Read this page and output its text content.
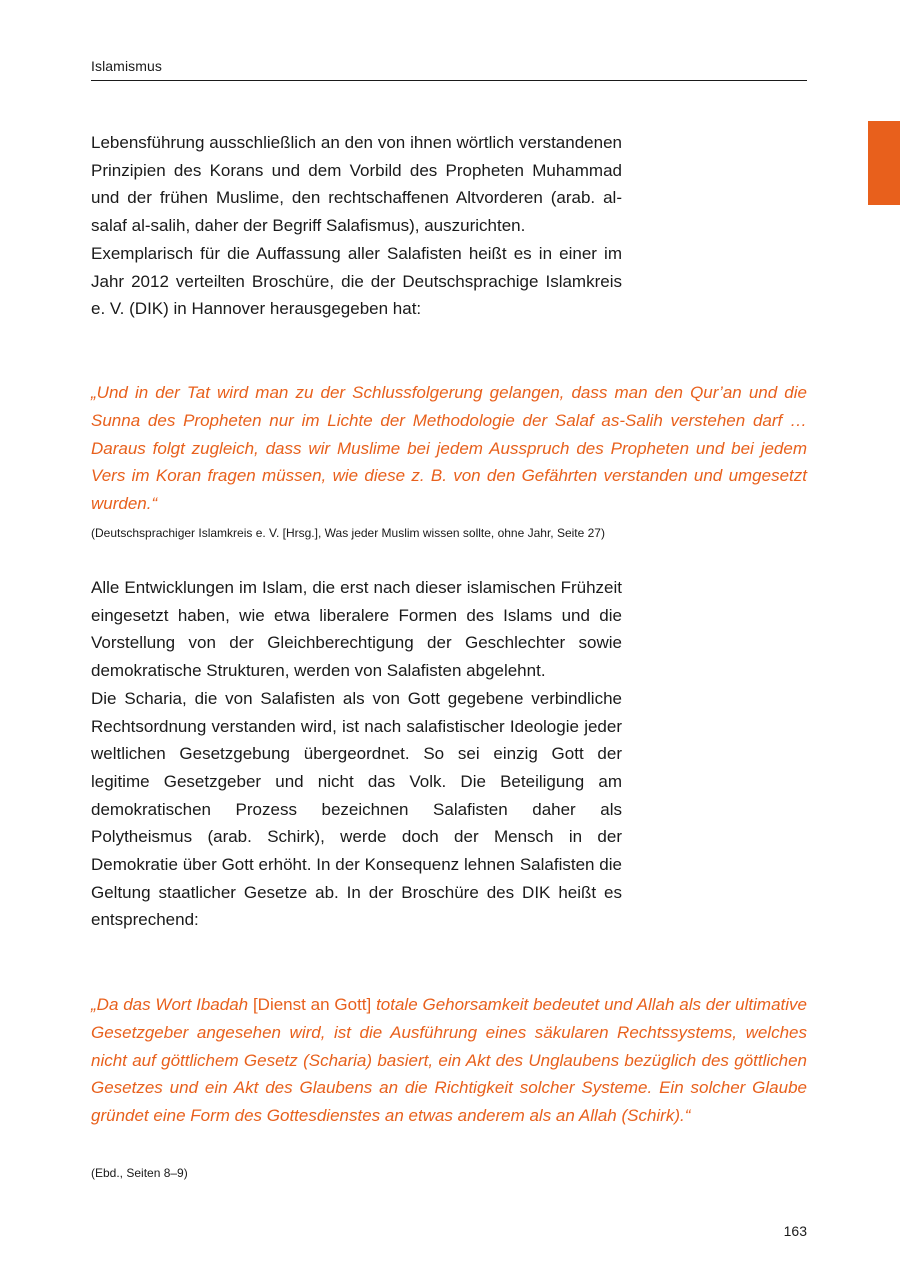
Islamismus

Lebensführung ausschließlich an den von ihnen wörtlich verstandenen Prinzipien des Korans und dem Vorbild des Propheten Muhammad und der frühen Muslime, den rechtschaffenen Altvorderen (arab. al-salaf al-salih, daher der Begriff Salafismus), auszurichten.

Exemplarisch für die Auffassung aller Salafisten heißt es in einer im Jahr 2012 verteilten Broschüre, die der Deutschsprachige Islamkreis e. V. (DIK) in Hannover herausgegeben hat:

„Und in der Tat wird man zu der Schlussfolgerung gelangen, dass man den Qur’an und die Sunna des Propheten nur im Lichte der Methodologie der Salaf as-Salih verstehen darf … Daraus folgt zugleich, dass wir Muslime bei jedem Ausspruch des Propheten und bei jedem Vers im Koran fragen müssen, wie diese z. B. von den Gefährten verstanden und umgesetzt wurden.“

(Deutschsprachiger Islamkreis e. V. [Hrsg.], Was jeder Muslim wissen sollte, ohne Jahr, Seite 27)

Alle Entwicklungen im Islam, die erst nach dieser islamischen Frühzeit eingesetzt haben, wie etwa liberalere Formen des Islams und die Vorstellung von der Gleichberechtigung der Geschlechter sowie demokratische Strukturen, werden von Salafisten abgelehnt.

Die Scharia, die von Salafisten als von Gott gegebene verbindliche Rechtsordnung verstanden wird, ist nach salafistischer Ideologie jeder weltlichen Gesetzgebung übergeordnet. So sei einzig Gott der legitime Gesetzgeber und nicht das Volk. Die Beteiligung am demokratischen Prozess bezeichnen Salafisten daher als Polytheismus (arab. Schirk), werde doch der Mensch in der Demokratie über Gott erhöht. In der Konsequenz lehnen Salafisten die Geltung staatlicher Gesetze ab. In der Broschüre des DIK heißt es entsprechend:

„Da das Wort Ibadah [Dienst an Gott] totale Gehorsamkeit bedeutet und Allah als der ultimative Gesetzgeber angesehen wird, ist die Ausführung eines säkularen Rechtssystems, welches nicht auf göttlichem Gesetz (Scharia) basiert, ein Akt des Unglaubens bezüglich des göttlichen Gesetzes und ein Akt des Glaubens an die Richtigkeit solcher Systeme. Ein solcher Glaube gründet eine Form des Gottesdienstes an etwas anderem als an Allah (Schirk).“

(Ebd., Seiten 8–9)

163
